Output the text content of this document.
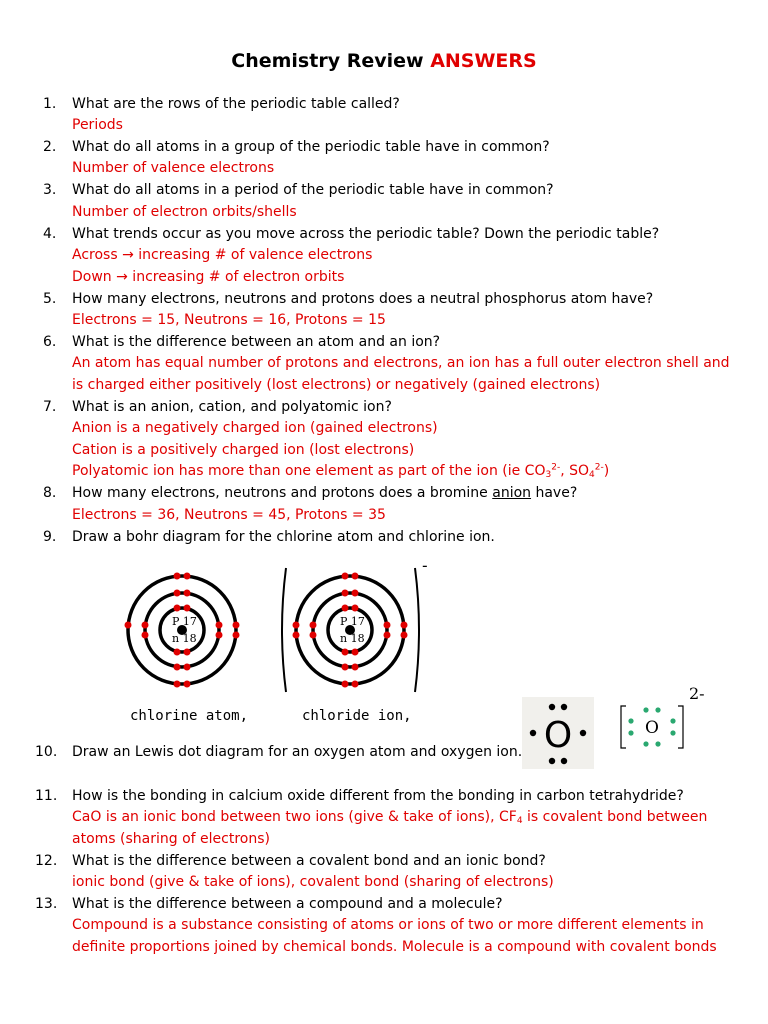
Chemistry Review ANSWERS
1. What are the rows of the periodic table called?
Periods
2. What do all atoms in a group of the periodic table have in common?
Number of valence electrons
3. What do all atoms in a period of the periodic table have in common?
Number of electron orbits/shells
4. What trends occur as you move across the periodic table? Down the periodic table?
Across → increasing # of valence electrons
Down → increasing # of electron orbits
5. How many electrons, neutrons and protons does a neutral phosphorus atom have?
Electrons = 15, Neutrons = 16, Protons = 15
6. What is the difference between an atom and an ion?
An atom has equal number of protons and electrons, an ion has a full outer electron shell and
is charged either positively (lost electrons) or negatively (gained electrons)
7. What is an anion, cation, and polyatomic ion?
Anion is a negatively charged ion (gained electrons)
Cation is a positively charged ion (lost electrons)
Polyatomic ion has more than one element as part of the ion (ie $CO3^{2-}$, $SO4^{2-}$)
8. How many electrons, neutrons and protons does a bromine anion have?
Electrons = 36, Neutrons = 45, Protons = 35
9. Draw a bohr diagram for the chlorine atom and chlorine ion.
P 17
n 18
P 17
n 18
-
chlorine atom,	chloride ion,	O	O
2-
10. Draw an Lewis dot diagram for an oxygen atom and oxygen ion.
11. How is the bonding in calcium oxide different from the bonding in carbon tetrahydride?
CaO is an ionic bond between two ions (give & take of ions), CF4 is covalent bond between
atoms (sharing of electrons)
12. What is the difference between a covalent bond and an ionic bond?
ionic bond (give & take of ions), covalent bond (sharing of electrons)
13. What is the difference between a compound and a molecule?
Compound is a substance consisting of atoms or ions of two or more different elements in
definite proportions joined by chemical bonds. Molecule is a compound with covalent bonds
